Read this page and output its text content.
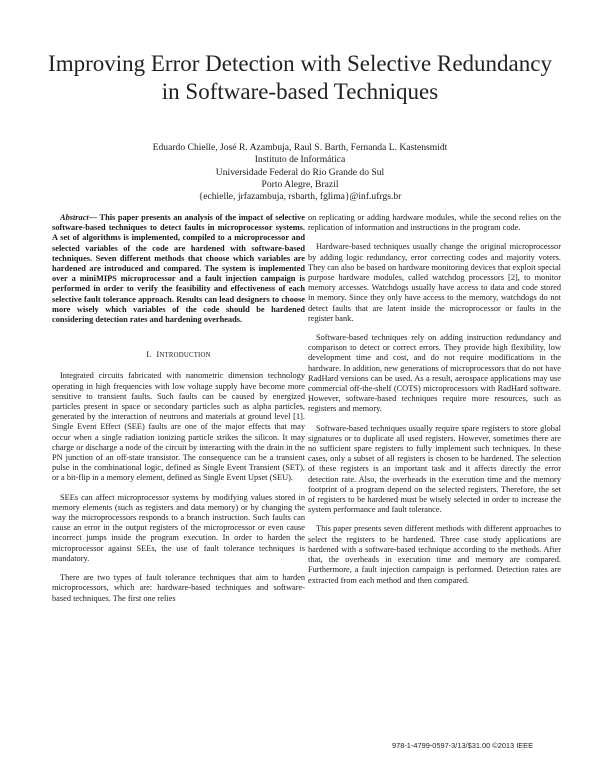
Improving Error Detection with Selective Redundancy
in Software-based Techniques
Eduardo Chielle, José R. Azambuja, Raul S. Barth, Fernanda L. Kastensmidt
Instituto de Informática
Universidade Federal do Rio Grande do Sul
Porto Alegre, Brazil
{echielle, jrfazambuja, rsbarth, fglima}@inf.ufrgs.br

Abstract— This paper presents an analysis of the impact of selective software-based techniques to detect faults in microprocessor systems. A set of algorithms is implemented, compiled to a microprocessor and selected variables of the code are hardened with software-based techniques. Seven different methods that choose which variables are hardened are introduced and compared. The system is implemented over a miniMIPS microprocessor and a fault injection campaign is performed in order to verify the feasibility and effectiveness of each selective fault tolerance approach. Results can lead designers to choose more wisely which variables of the code should be hardened considering detection rates and hardening overheads.

I. INTRODUCTION

Integrated circuits fabricated with nanometric dimension technology operating in high frequencies with low voltage supply have become more sensitive to transient faults. Such faults can be caused by energized particles present in space or secondary particles such as alpha particles, generated by the interaction of neutrons and materials at ground level [1]. Single Event Effect (SEE) faults are one of the major effects that may occur when a single radiation ionizing particle strikes the silicon. It may charge or discharge a node of the circuit by interacting with the drain in the PN junction of an off-state transistor. The consequence can be a transient pulse in the combinational logic, defined as Single Event Transient (SET), or a bit-flip in a memory element, defined as Single Event Upset (SEU).

SEEs can affect microprocessor systems by modifying values stored in memory elements (such as registers and data memory) or by changing the way the microprocessors responds to a branch instruction. Such faults can cause an error in the output registers of the microprocessor or even cause incorrect jumps inside the program execution. In order to harden the microprocessor against SEEs, the use of fault tolerance techniques is mandatory.

There are two types of fault tolerance techniques that aim to harden microprocessors, which are: hardware-based techniques and software-based techniques. The first one relies

on replicating or adding hardware modules, while the second relies on the replication of information and instructions in the program code.

Hardware-based techniques usually change the original microprocessor by adding logic redundancy, error correcting codes and majority voters. They can also be based on hardware monitoring devices that exploit special purpose hardware modules, called watchdog processors [2], to monitor memory accesses. Watchdogs usually have access to data and code stored in memory. Since they only have access to the memory, watchdogs do not detect faults that are latent inside the microprocessor or faults in the register bank.

Software-based techniques rely on adding instruction redundancy and comparison to detect or correct errors. They provide high flexibility, low development time and cost, and do not require modifications in the hardware. In addition, new generations of microprocessors that do not have RadHard versions can be used. As a result, aerospace applications may use commercial off-the-shelf (COTS) microprocessors with RadHard software. However, software-based techniques require more resources, such as registers and memory.

Software-based techniques usually require spare registers to store global signatures or to duplicate all used registers. However, sometimes there are no sufficient spare registers to fully implement such techniques. In these cases, only a subset of all registers is chosen to be hardened. The selection of these registers is an important task and it affects directly the error detection rate. Also, the overheads in the execution time and the memory footprint of a program depend on the selected registers. Therefore, the set of registers to be hardened must be wisely selected in order to increase the system performance and fault tolerance.

This paper presents seven different methods with different approaches to select the registers to be hardened. Three case study applications are hardened with a software-based technique according to the methods. After that, the overheads in execution time and memory are compared. Furthermore, a fault injection campaign is performed. Detection rates are extracted from each method and then compared.

978-1-4799-0597-3/13/$31.00 ©2013 IEEE
